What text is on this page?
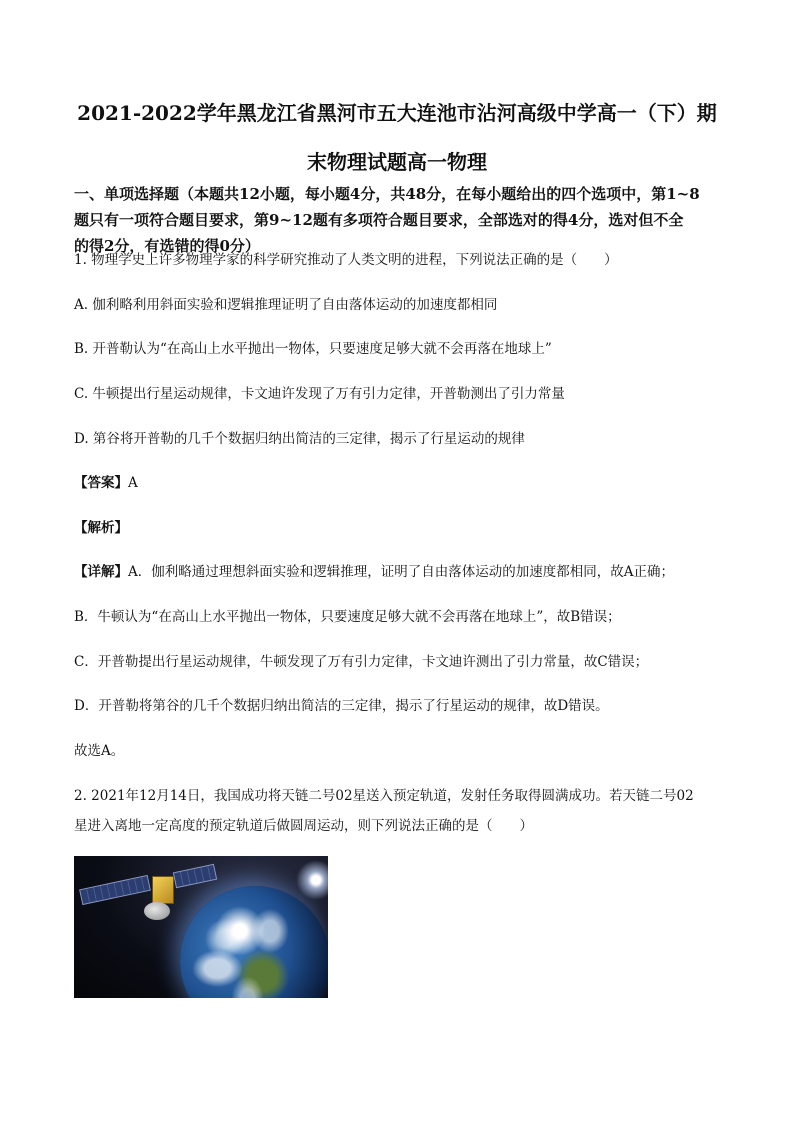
2021-2022学年黑龙江省黑河市五大连池市沾河高级中学高一（下）期
末物理试题高一物理
一、单项选择题（本题共12小题，每小题4分，共48分，在每小题给出的四个选项中，第1~8
题只有一项符合题目要求，第9~12题有多项符合题目要求，全部选对的得4分，选对但不全
的得2分，有选错的得0分）
1. 物理学史上许多物理学家的科学研究推动了人类文明的进程，下列说法正确的是（　　）
A. 伽利略利用斜面实验和逻辑推理证明了自由落体运动的加速度都相同
B. 开普勒认为“在高山上水平抛出一物体，只要速度足够大就不会再落在地球上”
C. 牛顿提出行星运动规律，卡文迪许发现了万有引力定律，开普勒测出了引力常量
D. 第谷将开普勒的几千个数据归纳出简洁的三定律，揭示了行星运动的规律
【答案】A
【解析】
【详解】A．伽利略通过理想斜面实验和逻辑推理，证明了自由落体运动的加速度都相同，故A正确；
B．牛顿认为“在高山上水平抛出一物体，只要速度足够大就不会再落在地球上”，故B错误；
C．开普勒提出行星运动规律，牛顿发现了万有引力定律，卡文迪许测出了引力常量，故C错误；
D．开普勒将第谷的几千个数据归纳出简洁的三定律，揭示了行星运动的规律，故D错误。
故选A。
2. 2021年12月14日，我国成功将天链二号02星送入预定轨道，发射任务取得圆满成功。若天链二号02
星进入离地一定高度的预定轨道后做圆周运动，则下列说法正确的是（　　）
